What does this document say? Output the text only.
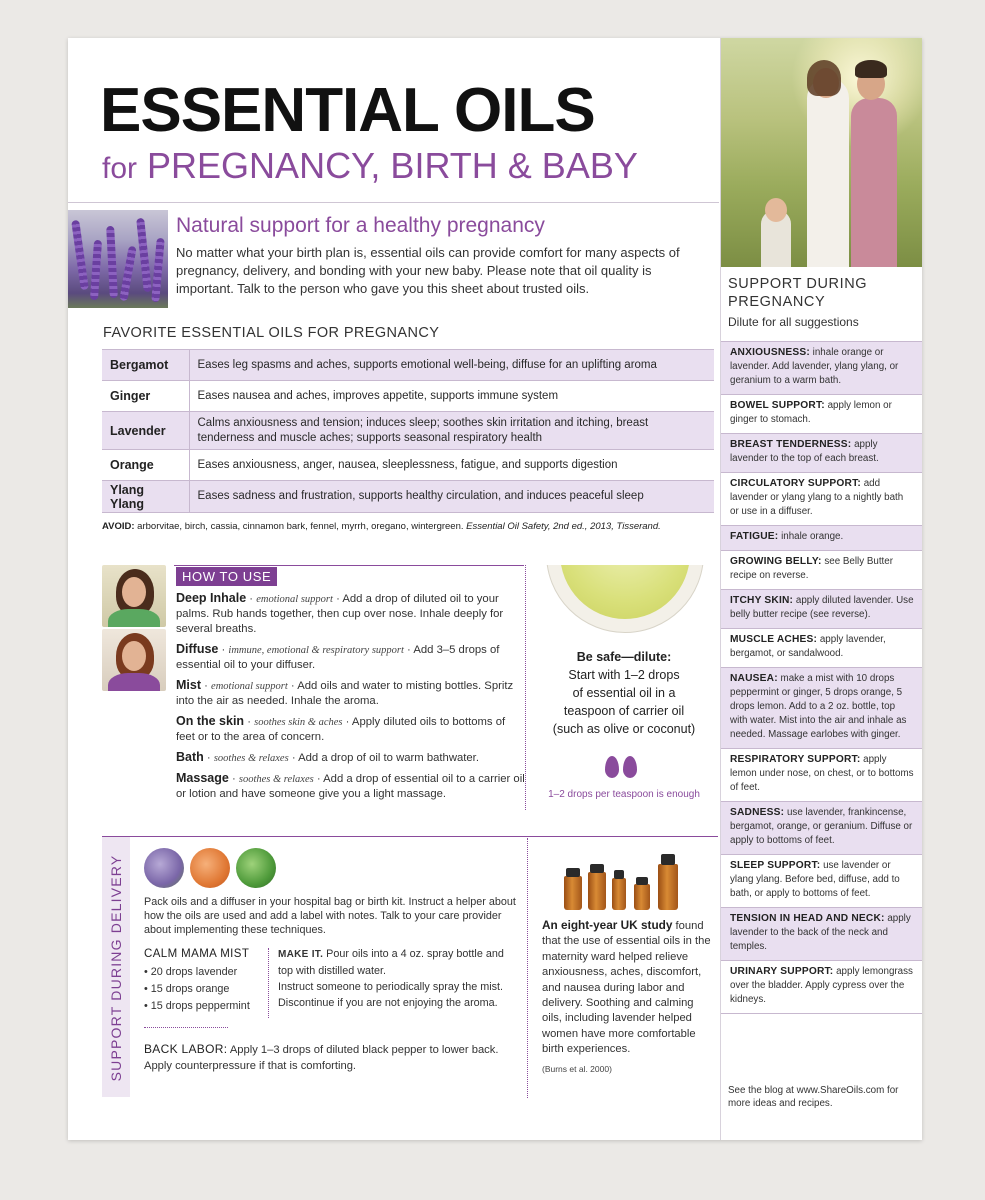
ESSENTIAL OILS
for PREGNANCY, BIRTH & BABY
Natural support for a healthy pregnancy
No matter what your birth plan is, essential oils can provide comfort for many aspects of pregnancy, delivery, and bonding with your new baby. Please note that oil quality is important. Talk to the person who gave you this sheet about trusted oils.
FAVORITE ESSENTIAL OILS FOR PREGNANCY
Bergamot	Eases leg spasms and aches, supports emotional well-being, diffuse for an uplifting aroma
Ginger	Eases nausea and aches, improves appetite, supports immune system
Lavender	Calms anxiousness and tension; induces sleep; soothes skin irritation and itching, breast tenderness and muscle aches; supports seasonal respiratory health
Orange	Eases anxiousness, anger, nausea, sleeplessness, fatigue, and supports digestion
Ylang Ylang	Eases sadness and frustration, supports healthy circulation, and induces peaceful sleep
AVOID: arborvitae, birch, cassia, cinnamon bark, fennel, myrrh, oregano, wintergreen. Essential Oil Safety, 2nd ed., 2013, Tisserand.
HOW TO USE
Deep Inhale · emotional support · Add a drop of diluted oil to your palms. Rub hands together, then cup over nose. Inhale deeply for several breaths.
Diffuse · immune, emotional & respiratory support · Add 3–5 drops of essential oil to your diffuser.
Mist · emotional support · Add oils and water to misting bottles. Spritz into the air as needed. Inhale the aroma.
On the skin · soothes skin & aches · Apply diluted oils to bottoms of feet or to the area of concern.
Bath · soothes & relaxes · Add a drop of oil to warm bathwater.
Massage · soothes & relaxes · Add a drop of essential oil to a carrier oil or lotion and have someone give you a light massage.
Be safe—dilute:
Start with 1–2 drops
of essential oil in a
teaspoon of carrier oil
(such as olive or coconut)
1–2 drops per teaspoon is enough
SUPPORT DURING DELIVERY Pack oils and a diffuser in your hospital bag or birth kit. Instruct a helper about how the oils are used and add a label with notes. Talk to your care provider about implementing these techniques.
CALM MAMA MIST
• 20 drops lavender
• 15 drops orange
• 15 drops peppermint
MAKE IT. Pour oils into a 4 oz. spray bottle and top with distilled water.
Instruct someone to periodically spray the mist. Discontinue if you are not enjoying the aroma.
BACK LABOR: Apply 1–3 drops of diluted black pepper to lower back. Apply counterpressure if that is comforting.
An eight-year UK study found that the use of essential oils in the maternity ward helped relieve anxiousness, aches, discomfort, and nausea during labor and delivery. Soothing and calming oils, including lavender helped women have more comfortable birth experiences.
(Burns et al. 2000)
SUPPORT DURING
PREGNANCY
Dilute for all suggestions
ANXIOUSNESS: inhale orange or lavender. Add lavender, ylang ylang, or geranium to a warm bath.
BOWEL SUPPORT: apply lemon or ginger to stomach.
BREAST TENDERNESS: apply lavender to the top of each breast.
CIRCULATORY SUPPORT: add lavender or ylang ylang to a nightly bath or use in a diffuser.
FATIGUE: inhale orange.
GROWING BELLY: see Belly Butter recipe on reverse.
ITCHY SKIN: apply diluted lavender. Use belly butter recipe (see reverse).
MUSCLE ACHES: apply lavender, bergamot, or sandalwood.
NAUSEA: make a mist with 10 drops peppermint or ginger, 5 drops orange, 5 drops lemon. Add to a 2 oz. bottle, top with water. Mist into the air and inhale as needed. Massage earlobes with ginger.
RESPIRATORY SUPPORT: apply lemon under nose, on chest, or to bottoms of feet.
SADNESS: use lavender, frankincense, bergamot, orange, or geranium. Diffuse or apply to bottoms of feet.
SLEEP SUPPORT: use lavender or ylang ylang. Before bed, diffuse, add to bath, or apply to bottoms of feet.
TENSION IN HEAD AND NECK: apply lavender to the back of the neck and temples.
URINARY SUPPORT: apply lemongrass over the bladder. Apply cypress over the kidneys.
See the blog at www.ShareOils.com for more ideas and recipes.
